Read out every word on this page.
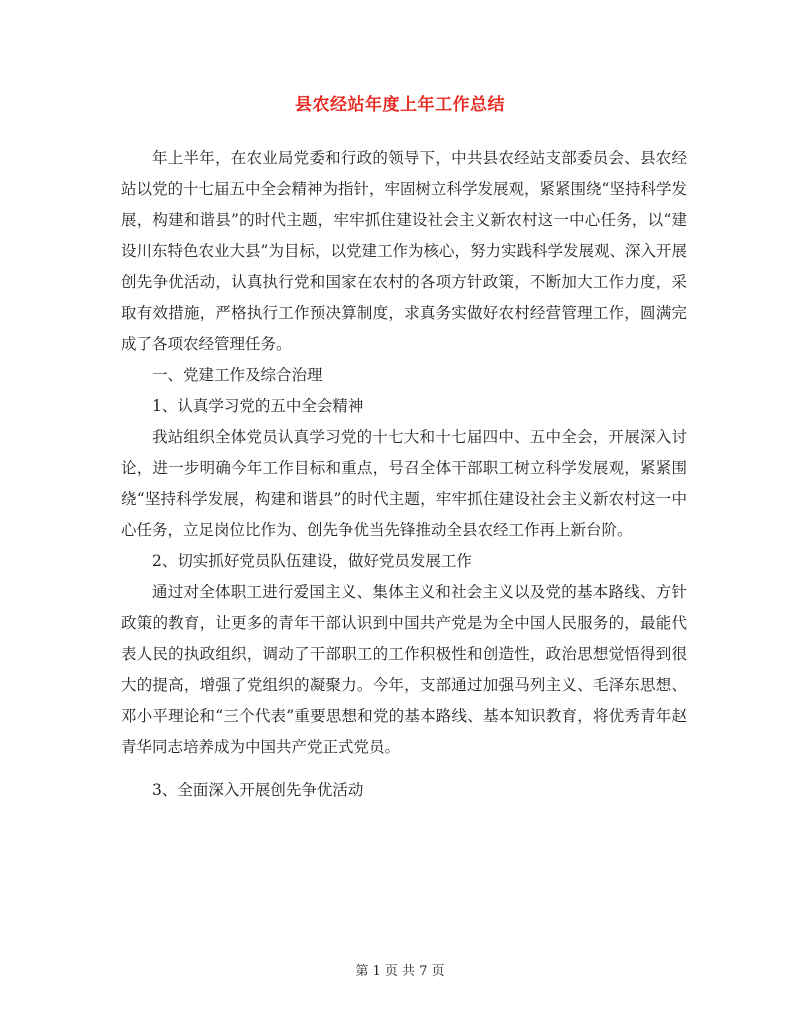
县农经站年度上年工作总结

年上半年，在农业局党委和行政的领导下，中共县农经站支部委员会、县农经站以党的十七届五中全会精神为指针，牢固树立科学发展观，紧紧围绕“坚持科学发展，构建和谐县”的时代主题，牢牢抓住建设社会主义新农村这一中心任务，以“建设川东特色农业大县”为目标，以党建工作为核心，努力实践科学发展观、深入开展创先争优活动，认真执行党和国家在农村的各项方针政策，不断加大工作力度，采取有效措施，严格执行工作预决算制度，求真务实做好农村经营管理工作，圆满完成了各项农经管理任务。

一、党建工作及综合治理

1、认真学习党的五中全会精神

我站组织全体党员认真学习党的十七大和十七届四中、五中全会，开展深入讨论，进一步明确今年工作目标和重点，号召全体干部职工树立科学发展观，紧紧围绕“坚持科学发展，构建和谐县”的时代主题，牢牢抓住建设社会主义新农村这一中心任务，立足岗位比作为、创先争优当先锋推动全县农经工作再上新台阶。

2、切实抓好党员队伍建设，做好党员发展工作

通过对全体职工进行爱国主义、集体主义和社会主义以及党的基本路线、方针政策的教育，让更多的青年干部认识到中国共产党是为全中国人民服务的，最能代表人民的执政组织，调动了干部职工的工作积极性和创造性，政治思想觉悟得到很大的提高，增强了党组织的凝聚力。今年，支部通过加强马列主义、毛泽东思想、邓小平理论和“三个代表”重要思想和党的基本路线、基本知识教育，将优秀青年赵青华同志培养成为中国共产党正式党员。

3、全面深入开展创先争优活动

第 1 页 共 7 页
